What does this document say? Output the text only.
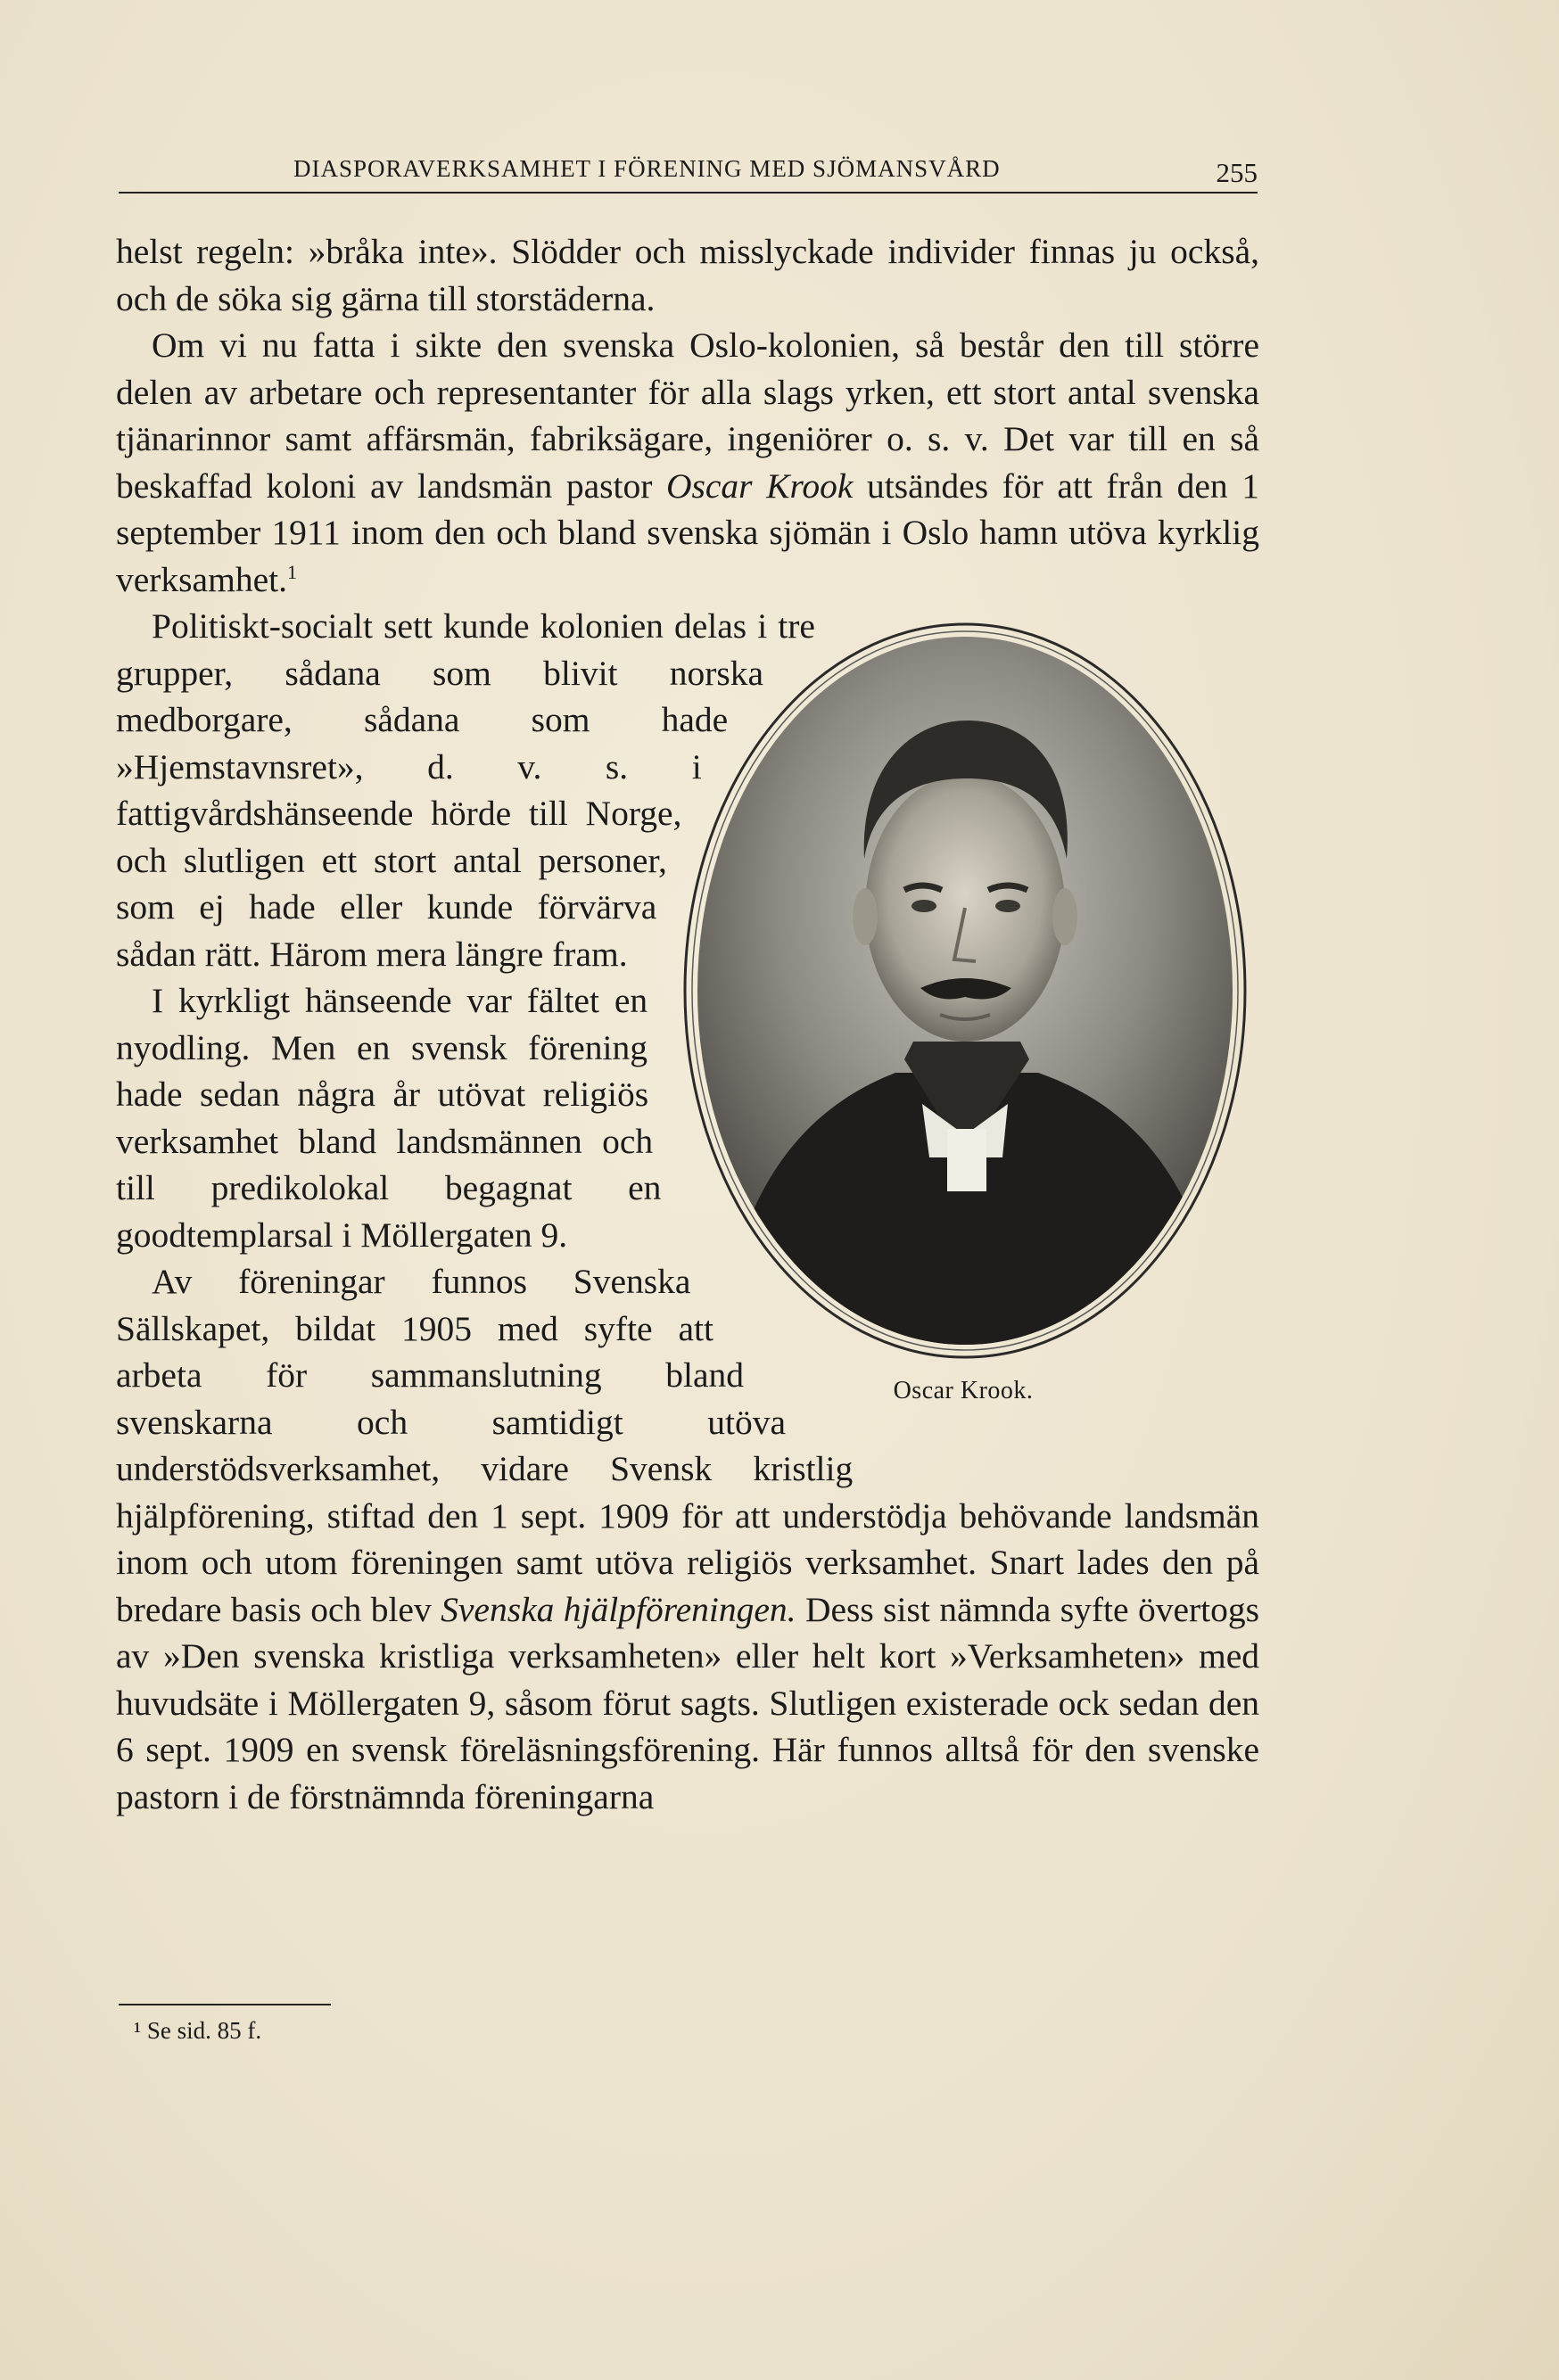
DIASPORAVERKSAMHET I FÖRENING MED SJÖMANSVÅRD	255

helst regeln: »bråka inte». Slödder och misslyckade individer finnas ju också, och de söka sig gärna till storstäderna.

Om vi nu fatta i sikte den svenska Oslo-kolonien, så består den till större delen av arbetare och representanter för alla slags yrken, ett stort antal svenska tjänarinnor samt affärsmän, fabriksägare, ingeniörer o. s. v. Det var till en så beskaffad koloni av landsmän pastor Oscar Krook utsändes för att från den 1 september 1911 inom den och bland svenska sjömän i Oslo hamn utöva kyrklig verksamhet.$^1$

Oscar Krook.

Politiskt-socialt sett kunde kolonien delas i tre grupper, sådana som blivit norska medborgare, sådana som hade »Hjemstavnsret», d. v. s. i fattigvårdshänseende hörde till Norge, och slutligen ett stort antal personer, som ej hade eller kunde förvärva sådan rätt. Härom mera längre fram.

I kyrkligt hänseende var fältet en nyodling. Men en svensk förening hade sedan några år utövat religiös verksamhet bland landsmännen och till predikolokal begagnat en goodtemplarsal i Möllergaten 9.

Av föreningar funnos Svenska Sällskapet, bildat 1905 med syfte att arbeta för sammanslutning bland svenskarna och samtidigt utöva understödsverksamhet, vidare Svensk kristlig hjälpförening, stiftad den 1 sept. 1909 för att understödja behövande landsmän inom och utom föreningen samt utöva religiös verksamhet. Snart lades den på bredare basis och blev Svenska hjälpföreningen. Dess sist nämnda syfte övertogs av »Den svenska kristliga verksamheten» eller helt kort »Verksamheten» med huvudsäte i Möllergaten 9, såsom förut sagts. Slutligen existerade ock sedan den 6 sept. 1909 en svensk föreläsningsförening. Här funnos alltså för den svenske pastorn i de förstnämnda föreningarna

¹ Se sid. 85 f.
